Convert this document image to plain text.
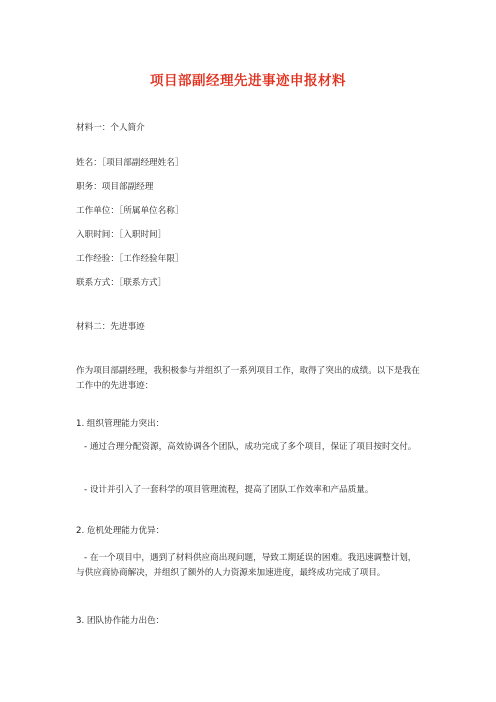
项目部副经理先进事迹申报材料
材料一：个人简介
姓名：［项目部副经理姓名］
职务：项目部副经理
工作单位：［所属单位名称］
入职时间：［入职时间］
工作经验：［工作经验年限］
联系方式：［联系方式］
材料二：先进事迹
作为项目部副经理，我积极参与并组织了一系列项目工作，取得了突出的成绩。以下是我在工作中的先进事迹：
1. 组织管理能力突出：
- 通过合理分配资源，高效协调各个团队，成功完成了多个项目，保证了项目按时交付。
- 设计并引入了一套科学的项目管理流程，提高了团队工作效率和产品质量。
2. 危机处理能力优异：
- 在一个项目中，遇到了材料供应商出现问题，导致工期延误的困难。我迅速调整计划，与供应商协商解决，并组织了额外的人力资源来加速进度，最终成功完成了项目。
3. 团队协作能力出色：
